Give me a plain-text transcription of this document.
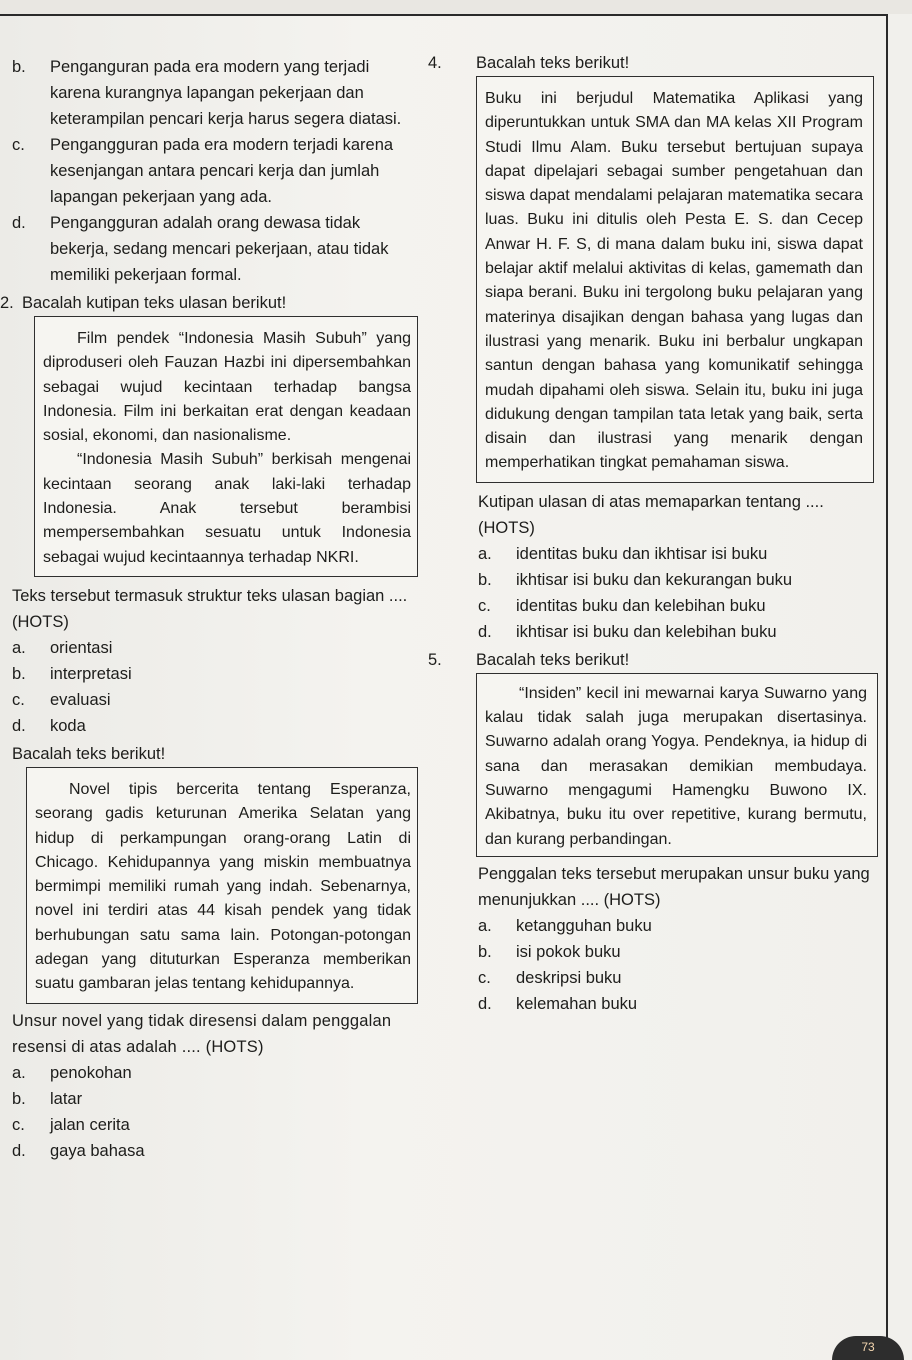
b.	Penganguran pada era modern yang terjadi karena kurangnya lapangan pekerjaan dan keterampilan pencari kerja harus segera diatasi.
c.	Pengangguran pada era modern terjadi karena kesenjangan antara pencari kerja dan jumlah lapangan pekerjaan yang ada.
d.	Pengangguran adalah orang dewasa tidak bekerja, sedang mencari pekerjaan, atau tidak memiliki pekerjaan formal.
2. Bacalah kutipan teks ulasan berikut!

Film pendek “Indonesia Masih Subuh” yang diproduseri oleh Fauzan Hazbi ini dipersembahkan sebagai wujud kecintaan terhadap bangsa Indonesia. Film ini berkaitan erat dengan keadaan sosial, ekonomi, dan nasionalisme.

“Indonesia Masih Subuh” berkisah mengenai kecintaan seorang anak laki-laki terhadap Indonesia. Anak tersebut berambisi mempersembahkan sesuatu untuk Indonesia sebagai wujud kecintaannya terhadap NKRI.

Teks tersebut termasuk struktur teks ulasan bagian .... (HOTS)
a.	orientasi
b.	interpretasi
c.	evaluasi
d.	koda
Bacalah teks berikut!

Novel tipis bercerita tentang Esperanza, seorang gadis keturunan Amerika Selatan yang hidup di perkampungan orang-orang Latin di Chicago. Kehidupannya yang miskin membuatnya bermimpi memiliki rumah yang indah. Sebenarnya, novel ini terdiri atas 44 kisah pendek yang tidak berhubungan satu sama lain. Potongan-potongan adegan yang dituturkan Esperanza memberikan suatu gambaran jelas tentang kehidupannya.

Unsur novel yang tidak diresensi dalam penggalan resensi di atas adalah .... (HOTS)
a.	penokohan
b.	latar
c.	jalan cerita
d.	gaya bahasa
4.	Bacalah teks berikut!

Buku ini berjudul Matematika Aplikasi yang diperuntukkan untuk SMA dan MA kelas XII Program Studi Ilmu Alam. Buku tersebut bertujuan supaya dapat dipelajari sebagai sumber pengetahuan dan siswa dapat mendalami pelajaran matematika secara luas. Buku ini ditulis oleh Pesta E. S. dan Cecep Anwar H. F. S, di mana dalam buku ini, siswa dapat belajar aktif melalui aktivitas di kelas, gamemath dan siapa berani. Buku ini tergolong buku pelajaran yang materinya disajikan dengan bahasa yang lugas dan ilustrasi yang menarik. Buku ini berbalur ungkapan santun dengan bahasa yang komunikatif sehingga mudah dipahami oleh siswa. Selain itu, buku ini juga didukung dengan tampilan tata letak yang baik, serta disain dan ilustrasi yang menarik dengan memperhatikan tingkat pemahaman siswa.

Kutipan ulasan di atas memaparkan tentang .... (HOTS)
a.	identitas buku dan ikhtisar isi buku
b.	ikhtisar isi buku dan kekurangan buku
c.	identitas buku dan kelebihan buku
d.	ikhtisar isi buku dan kelebihan buku
5.	Bacalah teks berikut!

“Insiden” kecil ini mewarnai karya Suwarno yang kalau tidak salah juga merupakan disertasinya. Suwarno adalah orang Yogya. Pendeknya, ia hidup di sana dan merasakan demikian membudaya. Suwarno mengagumi Hamengku Buwono IX. Akibatnya, buku itu over repetitive, kurang bermutu, dan kurang perbandingan.

Penggalan teks tersebut merupakan unsur buku yang menunjukkan .... (HOTS)
a.	ketangguhan buku
b.	isi pokok buku
c.	deskripsi buku
d.	kelemahan buku
73
